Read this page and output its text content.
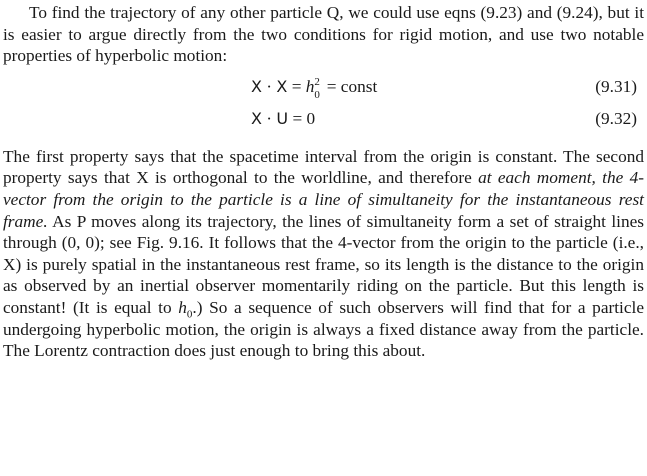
To find the trajectory of any other particle Q, we could use eqns (9.23) and (9.24), but it is easier to argue directly from the two conditions for rigid motion, and use two notable properties of hyperbolic motion:

X · X = h 2
0 = const	(9.31)
X · U = 0	(9.32)

The first property says that the spacetime interval from the origin is constant. The second property says that X is orthogonal to the worldline, and therefore at each moment, the 4-vector from the origin to the particle is a line of simultaneity for the instantaneous rest frame. As P moves along its trajectory, the lines of simultaneity form a set of straight lines through (0, 0); see Fig. 9.16. It follows that the 4-vector from the origin to the particle (i.e., X) is purely spatial in the instantaneous rest frame, so its length is the distance to the origin as observed by an inertial observer momentarily riding on the particle. But this length is constant! (It is equal to $h_0$.) So a sequence of such observers will find that for a particle undergoing hyperbolic motion, the origin is always a fixed distance away from the particle. The Lorentz contraction does just enough to bring this about.
